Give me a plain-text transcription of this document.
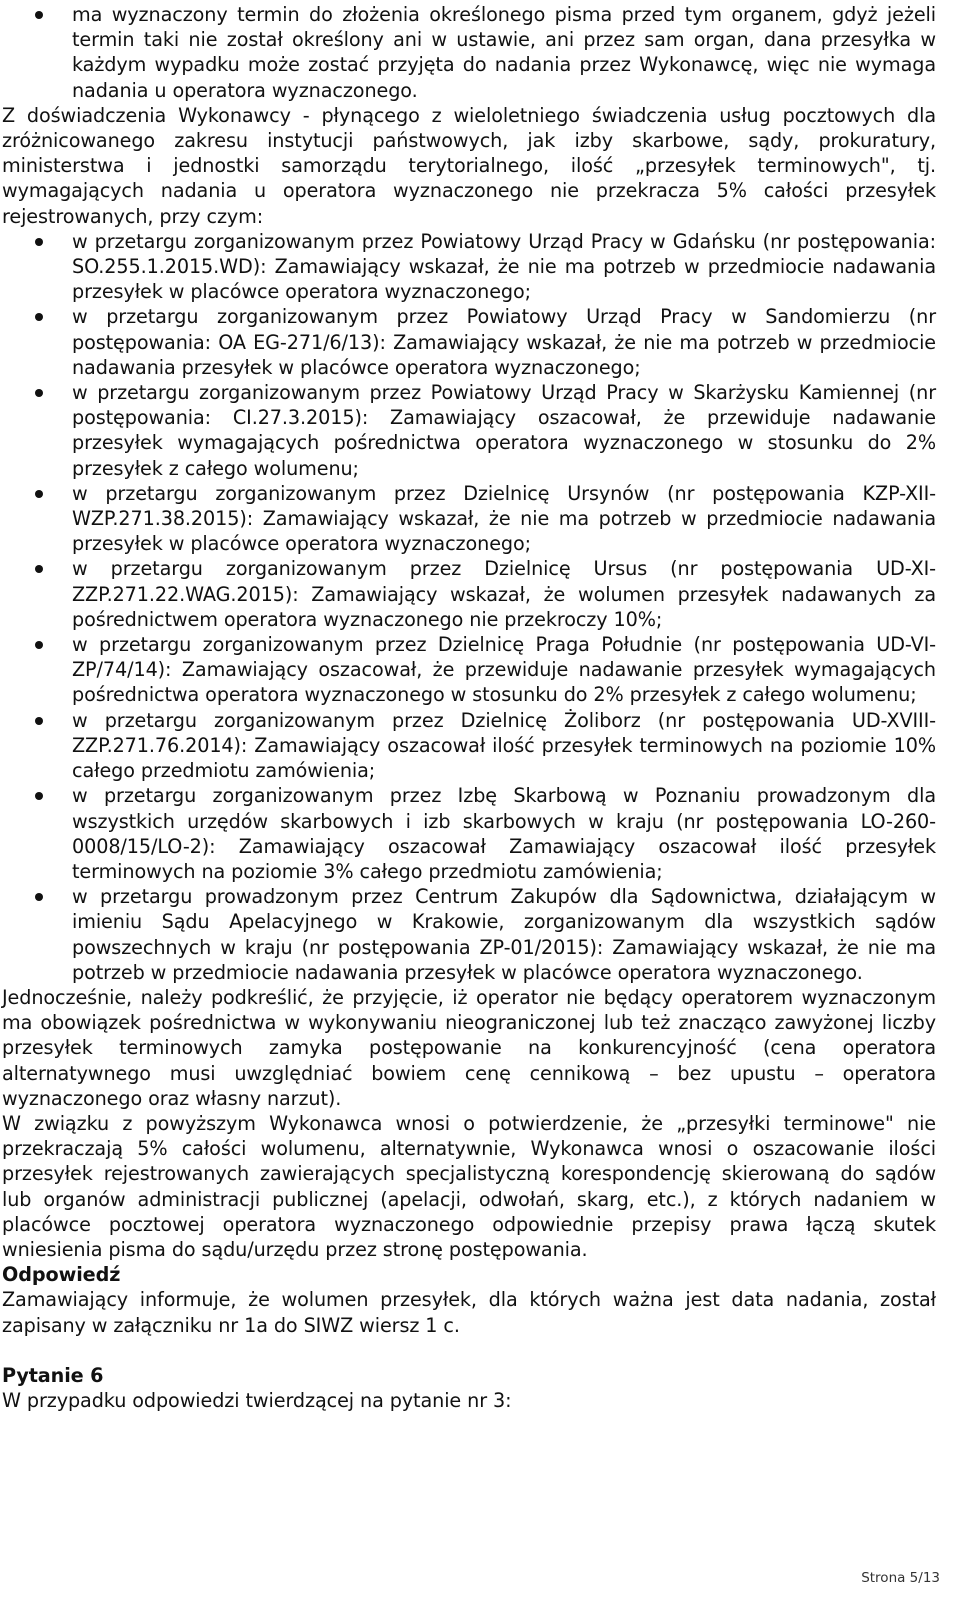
ma wyznaczony termin do złożenia określonego pisma przed tym organem, gdyż jeżeli termin taki nie został określony ani w ustawie, ani przez sam organ, dana przesyłka w każdym wypadku może zostać przyjęta do nadania przez Wykonawcę, więc nie wymaga nadania u operatora wyznaczonego.

Z doświadczenia Wykonawcy - płynącego z wieloletniego świadczenia usług pocztowych dla zróżnicowanego zakresu instytucji państwowych, jak izby skarbowe, sądy, prokuratury, ministerstwa i jednostki samorządu terytorialnego, ilość „przesyłek terminowych", tj. wymagających nadania u operatora wyznaczonego nie przekracza 5% całości przesyłek rejestrowanych, przy czym:

w przetargu zorganizowanym przez Powiatowy Urząd Pracy w Gdańsku (nr postępowania: SO.255.1.2015.WD): Zamawiający wskazał, że nie ma potrzeb w przedmiocie nadawania przesyłek w placówce operatora wyznaczonego;
w przetargu zorganizowanym przez Powiatowy Urząd Pracy w Sandomierzu (nr postępowania: OA EG-271/6/13): Zamawiający wskazał, że nie ma potrzeb w przedmiocie nadawania przesyłek w placówce operatora wyznaczonego;
w przetargu zorganizowanym przez Powiatowy Urząd Pracy w Skarżysku Kamiennej (nr postępowania: CI.27.3.2015): Zamawiający oszacował, że przewiduje nadawanie przesyłek wymagających pośrednictwa operatora wyznaczonego w stosunku do 2% przesyłek z całego wolumenu;
w przetargu zorganizowanym przez Dzielnicę Ursynów (nr postępowania KZP-XII-WZP.271.38.2015): Zamawiający wskazał, że nie ma potrzeb w przedmiocie nadawania przesyłek w placówce operatora wyznaczonego;
w przetargu zorganizowanym przez Dzielnicę Ursus (nr postępowania UD-XI-ZZP.271.22.WAG.2015): Zamawiający wskazał, że wolumen przesyłek nadawanych za pośrednictwem operatora wyznaczonego nie przekroczy 10%;
w przetargu zorganizowanym przez Dzielnicę Praga Południe (nr postępowania UD-VI-ZP/74/14): Zamawiający oszacował, że przewiduje nadawanie przesyłek wymagających pośrednictwa operatora wyznaczonego w stosunku do 2% przesyłek z całego wolumenu;
w przetargu zorganizowanym przez Dzielnicę Żoliborz (nr postępowania UD-XVIII-ZZP.271.76.2014): Zamawiający oszacował ilość przesyłek terminowych na poziomie 10% całego przedmiotu zamówienia;
w przetargu zorganizowanym przez Izbę Skarbową w Poznaniu prowadzonym dla wszystkich urzędów skarbowych i izb skarbowych w kraju (nr postępowania LO-260-0008/15/LO-2): Zamawiający oszacował Zamawiający oszacował ilość przesyłek terminowych na poziomie 3% całego przedmiotu zamówienia;
w przetargu prowadzonym przez Centrum Zakupów dla Sądownictwa, działającym w imieniu Sądu Apelacyjnego w Krakowie, zorganizowanym dla wszystkich sądów powszechnych w kraju (nr postępowania ZP-01/2015): Zamawiający wskazał, że nie ma potrzeb w przedmiocie nadawania przesyłek w placówce operatora wyznaczonego.

Jednocześnie, należy podkreślić, że przyjęcie, iż operator nie będący operatorem wyznaczonym ma obowiązek pośrednictwa w wykonywaniu nieograniczonej lub też znacząco zawyżonej liczby przesyłek terminowych zamyka postępowanie na konkurencyjność (cena operatora alternatywnego musi uwzględniać bowiem cenę cennikową – bez upustu – operatora wyznaczonego oraz własny narzut).

W związku z powyższym Wykonawca wnosi o potwierdzenie, że „przesyłki terminowe" nie przekraczają 5% całości wolumenu, alternatywnie, Wykonawca wnosi o oszacowanie ilości przesyłek rejestrowanych zawierających specjalistyczną korespondencję skierowaną do sądów lub organów administracji publicznej (apelacji, odwołań, skarg, etc.), z których nadaniem w placówce pocztowej operatora wyznaczonego odpowiednie przepisy prawa łączą skutek wniesienia pisma do sądu/urzędu przez stronę postępowania.

Odpowiedź

Zamawiający informuje, że wolumen przesyłek, dla których ważna jest data nadania, został zapisany w załączniku nr 1a do SIWZ wiersz 1 c.

Pytanie 6

W przypadku odpowiedzi twierdzącej na pytanie nr 3:

Strona 5/13
